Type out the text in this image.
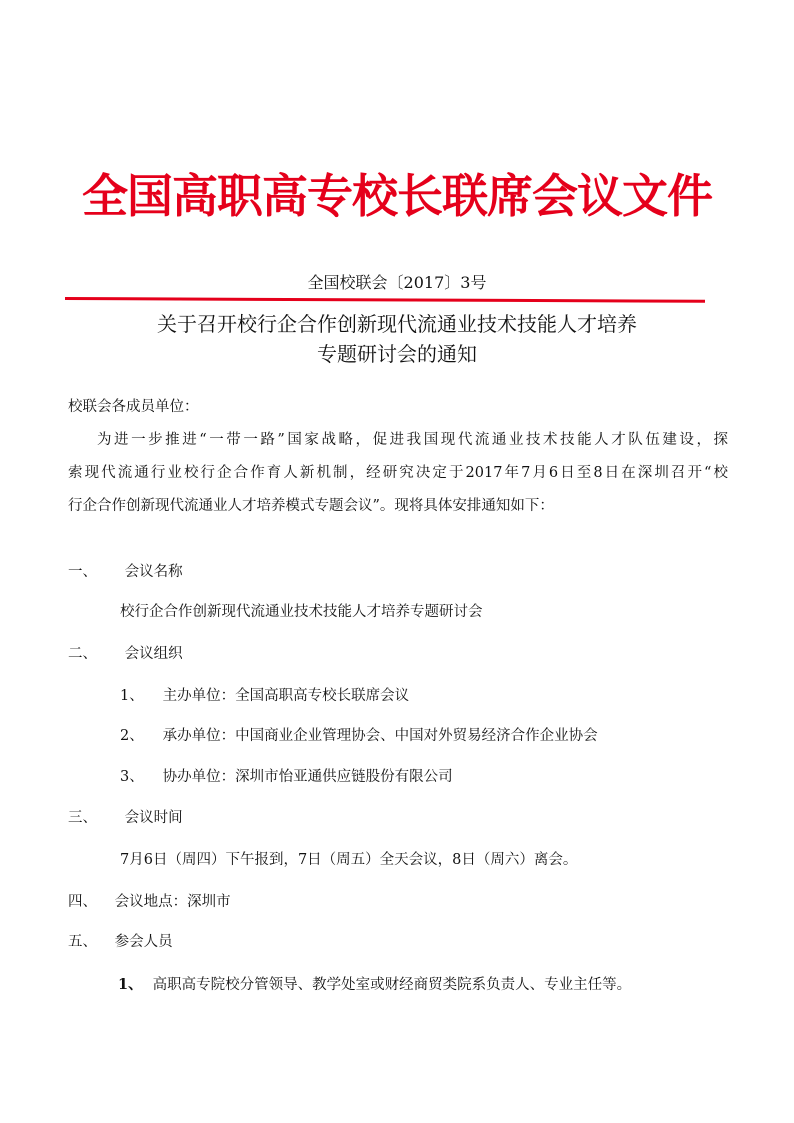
全国高职高专校长联席会议文件
全国校联会〔2017〕3号
关于召开校行企合作创新现代流通业技术技能人才培养
专题研讨会的通知
校联会各成员单位：
为进一步推进“一带一路”国家战略，促进我国现代流通业技术技能人才队伍建设，探
索现代流通行业校行企合作育人新机制，经研究决定于2017年7月6日至8日在深圳召开“校
行企合作创新现代流通业人才培养模式专题会议”。现将具体安排通知如下：
一、 会议名称
校行企合作创新现代流通业技术技能人才培养专题研讨会
二、 会议组织
1、 主办单位：全国高职高专校长联席会议
2、 承办单位：中国商业企业管理协会、中国对外贸易经济合作企业协会
3、 协办单位：深圳市怡亚通供应链股份有限公司
三、 会议时间
7月6日（周四）下午报到，7日（周五）全天会议，8日（周六）离会。
四、 会议地点：深圳市
五、 参会人员
1、 高职高专院校分管领导、教学处室或财经商贸类院系负责人、专业主任等。
